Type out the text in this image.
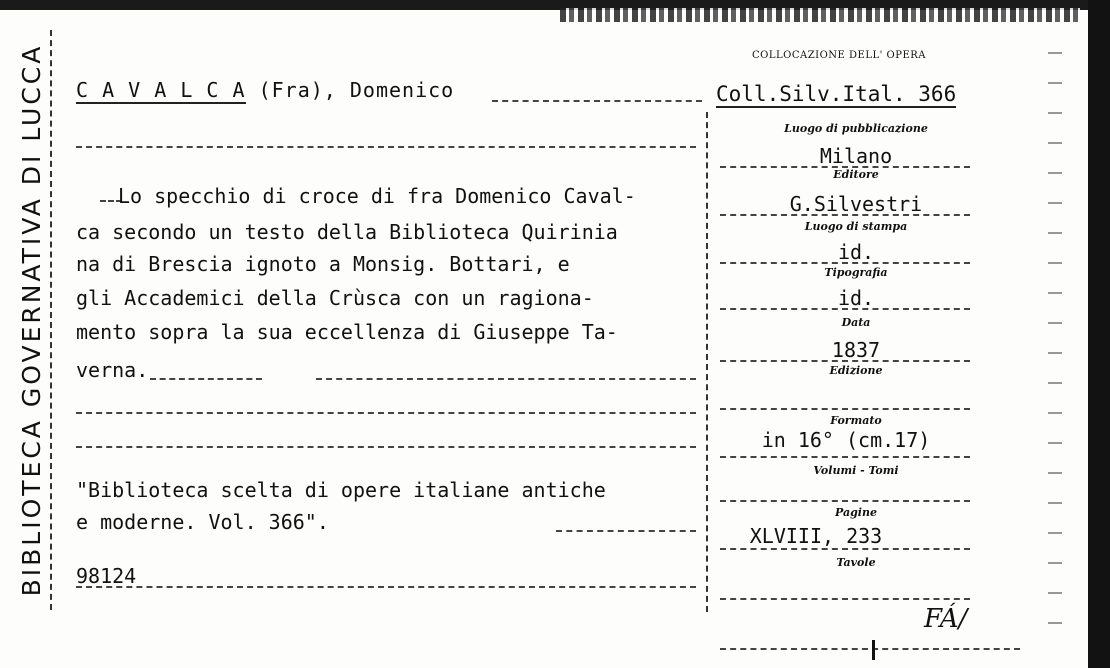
BIBLIOTECA GOVERNATIVA DI LUCCA C A V A L C A (Fra), Domenico
COLLOCAZIONE DELL' OPERA
Coll.Silv.Ital. 366
Lo specchio di croce di fra Domenico Caval-
ca secondo un testo della Biblioteca Quirinia
na di Brescia ignoto a Monsig. Bottari, e
gli Accademici della Crùsca con un ragiona-
mento sopra la sua eccellenza di Giuseppe Ta-
verna.
"Biblioteca scelta di opere italiane antiche
e moderne. Vol. 366".
98124
Luogo di pubblicazione
Milano
Editore
G.Silvestri
Luogo di stampa
id.
Tipografia
id.
Data
1837
Edizione
Formato
in 16° (cm.17)
Volumi - Tomi
Pagine
XLVIII, 233
Tavole
FÁ/
